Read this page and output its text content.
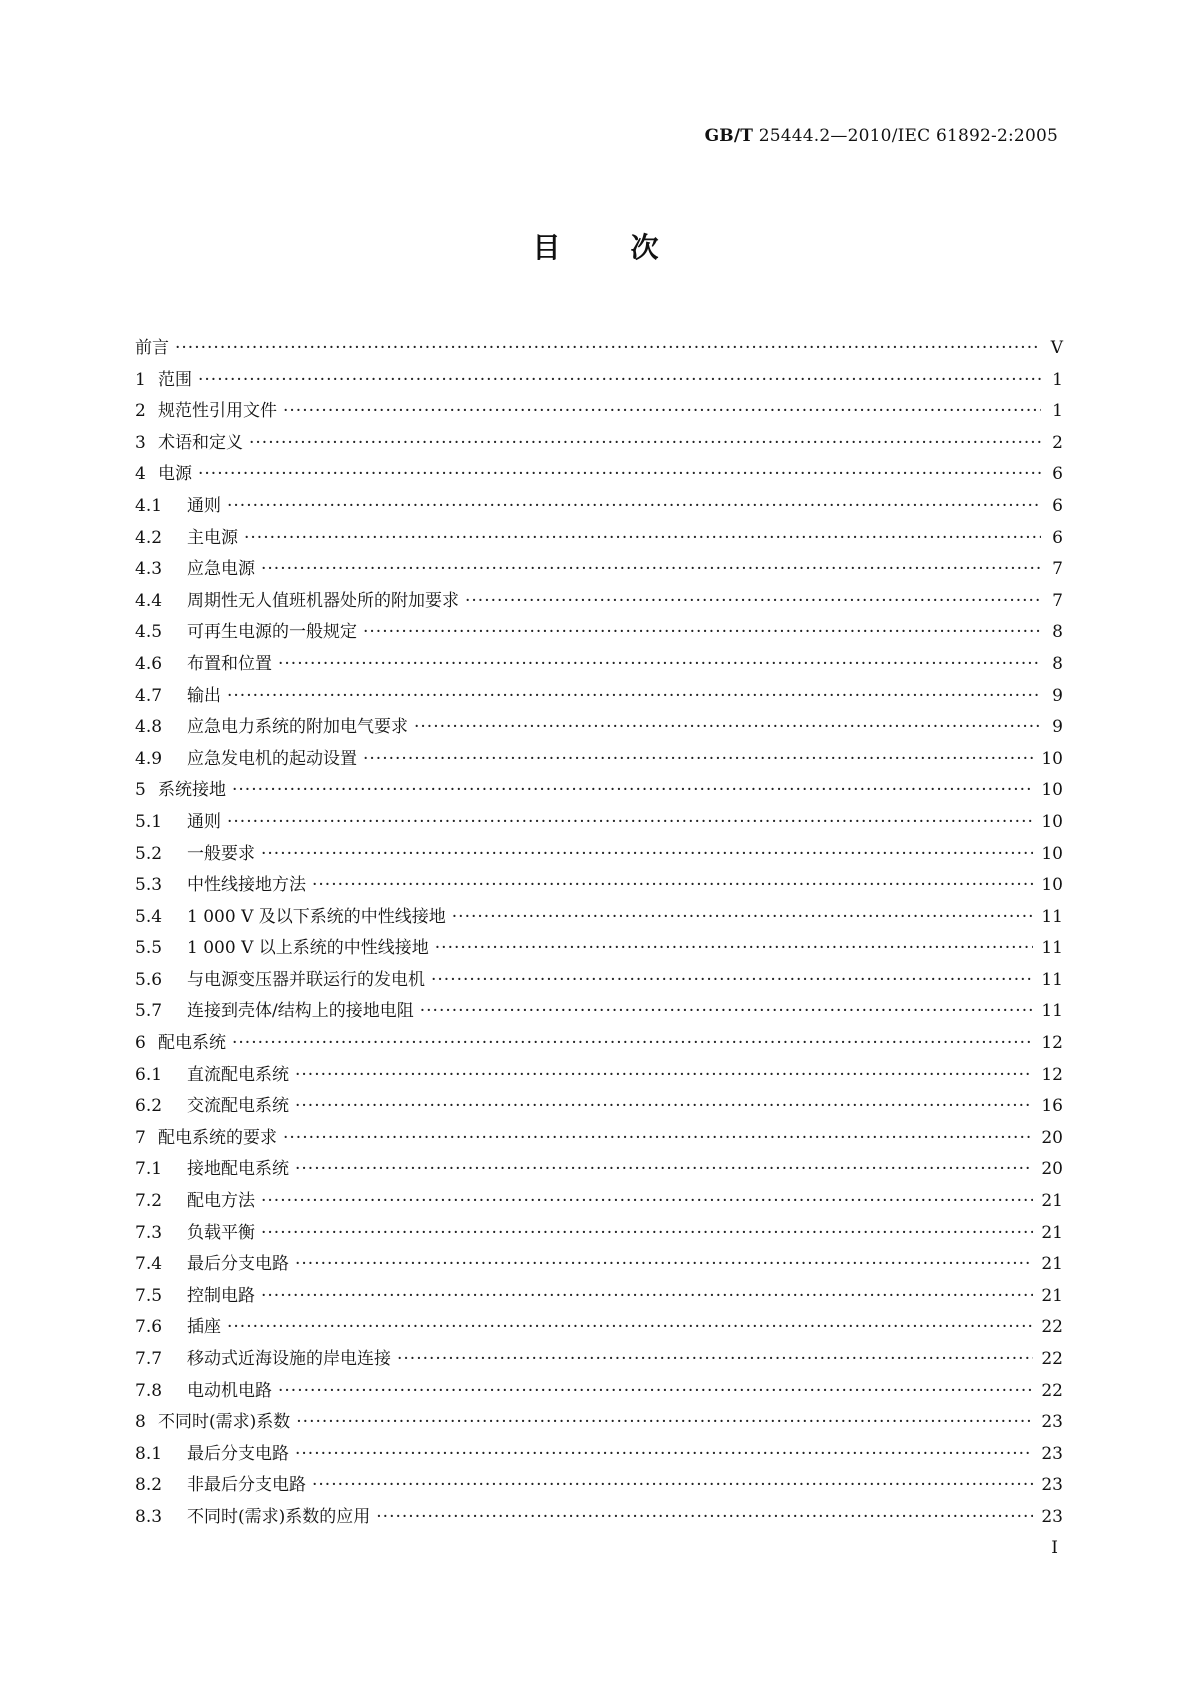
GB/T 25444.2—2010/IEC 61892-2:2005
目	次
前言 ·····	Ⅴ
1 范围 ·····	1
2 规范性引用文件 ·····	1
3 术语和定义 ·····	2
4 电源 ·····	6
4.1	通则 ·····	6
4.2	主电源 ·····	6
4.3	应急电源 ·····	7
4.4	周期性无人值班机器处所的附加要求 ·····	7
4.5	可再生电源的一般规定 ·····	8
4.6	布置和位置 ·····	8
4.7	输出 ·····	9
4.8	应急电力系统的附加电气要求 ·····	9
4.9	应急发电机的起动设置 ·····	10
5 系统接地 ·····	10
5.1	通则 ·····	10
5.2	一般要求 ·····	10
5.3	中性线接地方法 ·····	10
5.4	1 000 V 及以下系统的中性线接地 ·····	11
5.5	1 000 V 以上系统的中性线接地 ·····	11
5.6	与电源变压器并联运行的发电机 ·····	11
5.7	连接到壳体/结构上的接地电阻 ·····	11
6 配电系统 ·····	12
6.1	直流配电系统 ·····	12
6.2	交流配电系统 ·····	16
7 配电系统的要求 ·····	20
7.1	接地配电系统 ·····	20
7.2	配电方法 ·····	21
7.3	负载平衡 ·····	21
7.4	最后分支电路 ·····	21
7.5	控制电路 ·····	21
7.6	插座 ·····	22
7.7	移动式近海设施的岸电连接 ·····	22
7.8	电动机电路 ·····	22
8 不同时(需求)系数 ·····	23
8.1	最后分支电路 ·····	23
8.2	非最后分支电路 ·····	23
8.3	不同时(需求)系数的应用 ·····	23
Ⅰ
